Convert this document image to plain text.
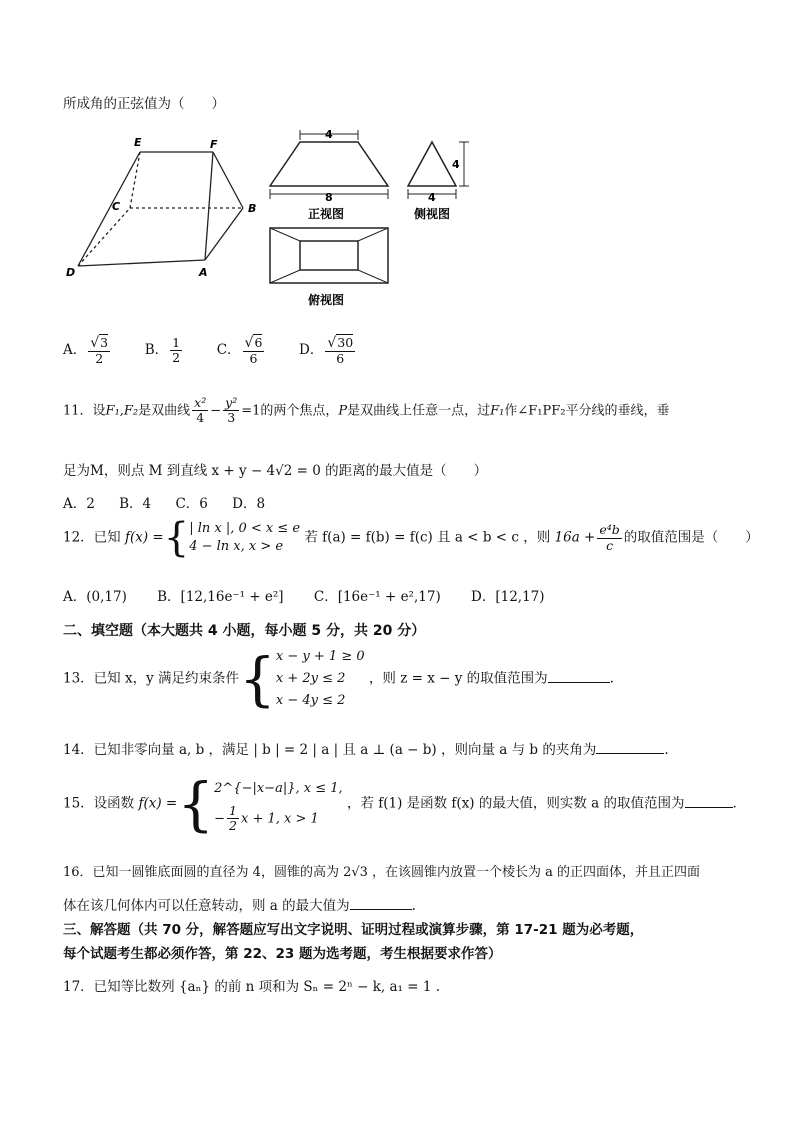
所成角的正弦值为（　　）
E	F
C	B
D	A
4
8
正视图
4
4
侧视图
俯视图
A． $\frac{√3}{2}$	B． $\frac{1}{2}$	C． $\frac{√6}{6}$	D． $\frac{√30}{6}$
11．设F₁,F₂是双曲线 $\frac{\text{x²}}{4} - \frac{\text{y²}}{3} =1$的两个焦点，P是双曲线上任意一点，过F₁作∠F₁PF₂平分线的垂线，垂
足为M，则点 M 到直线 x + y − 4√2 = 0 的距离的最大值是（　　）
A．2 B．4 C．6 D．8
12．已知 f(x) ={ | ln x |, 0 < x ≤ e
4 − ln x, x > e
若 f(a) = f(b) = f(c) 且 a < b < c ，则 $16a + \frac{\text{e⁴b}}{c}$ 的取值范围是（　　）
A．(0,17) B．[12,16e⁻¹ + e²] C．[16e⁻¹ + e²,17) D．[12,17)
二、填空题（本大题共 4 小题，每小题 5 分，共 20 分）
13．已知 x，y 满足约束条件{ x − y + 1 ≥ 0
x + 2y ≤ 2
x − 4y ≤ 2
，则 z = x − y 的取值范围为	.
14．已知非零向量 a, b ，满足 | b | = 2 | a | 且 a ⊥ (a − b) ，则向量 a 与 b 的夹角为	.
15．设函数 f(x) ={ 2^{−|x−a|}, x ≤ 1,
− $\frac{1}{2}$ x + 1, x > 1
，若 f(1) 是函数 f(x) 的最大值，则实数 a 的取值范围为	.
16．已知一圆锥底面圆的直径为 4，圆锥的高为 2√3 ，在该圆锥内放置一个棱长为 a 的正四面体，并且正四面
体在该几何体内可以任意转动，则 a 的最大值为	.
三、解答题（共 70 分，解答题应写出文字说明、证明过程或演算步骤，第 17-21 题为必考题，
每个试题考生都必须作答，第 22、23 题为选考题，考生根据要求作答）
17．已知等比数列 {aₙ} 的前 n 项和为 Sₙ = 2ⁿ − k, a₁ = 1 .
